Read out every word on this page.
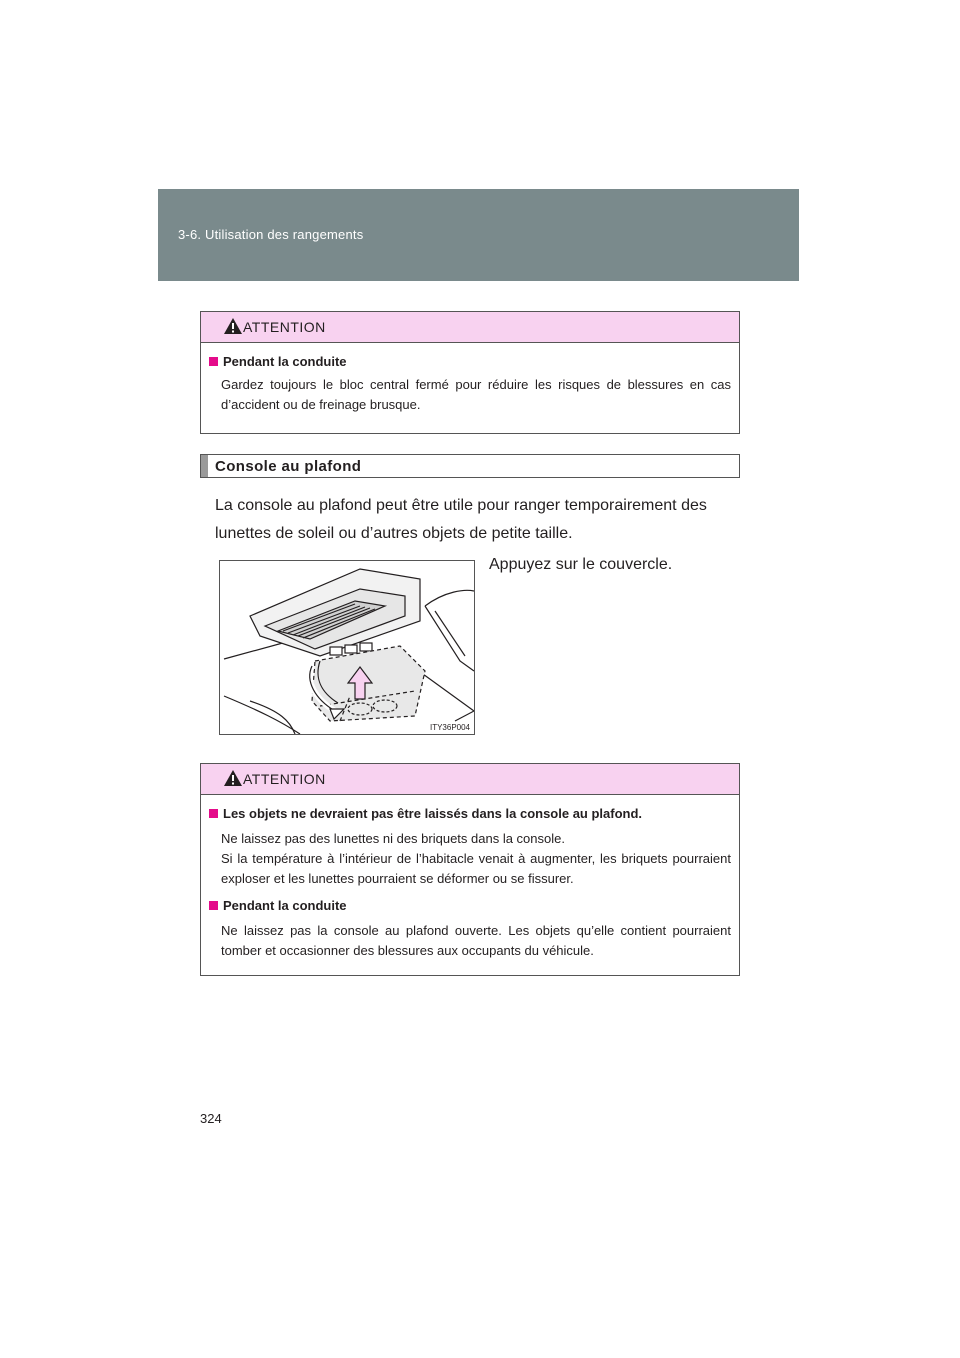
3-6. Utilisation des rangements
ATTENTION

Pendant la conduite

Gardez toujours le bloc central fermé pour réduire les risques de blessures en cas d’accident ou de freinage brusque.

Console au plafond

La console au plafond peut être utile pour ranger temporairement des lunettes de soleil ou d’autres objets de petite taille.

ITY36P004
Appuyez sur le couvercle.
ATTENTION

Les objets ne devraient pas être laissés dans la console au plafond.

Ne laissez pas des lunettes ni des briquets dans la console.

Si la température à l’intérieur de l’habitacle venait à augmenter, les briquets pourraient exploser et les lunettes pourraient se déformer ou se fissurer.

Pendant la conduite

Ne laissez pas la console au plafond ouverte. Les objets qu’elle contient pourraient tomber et occasionner des blessures aux occupants du véhicule.

324
